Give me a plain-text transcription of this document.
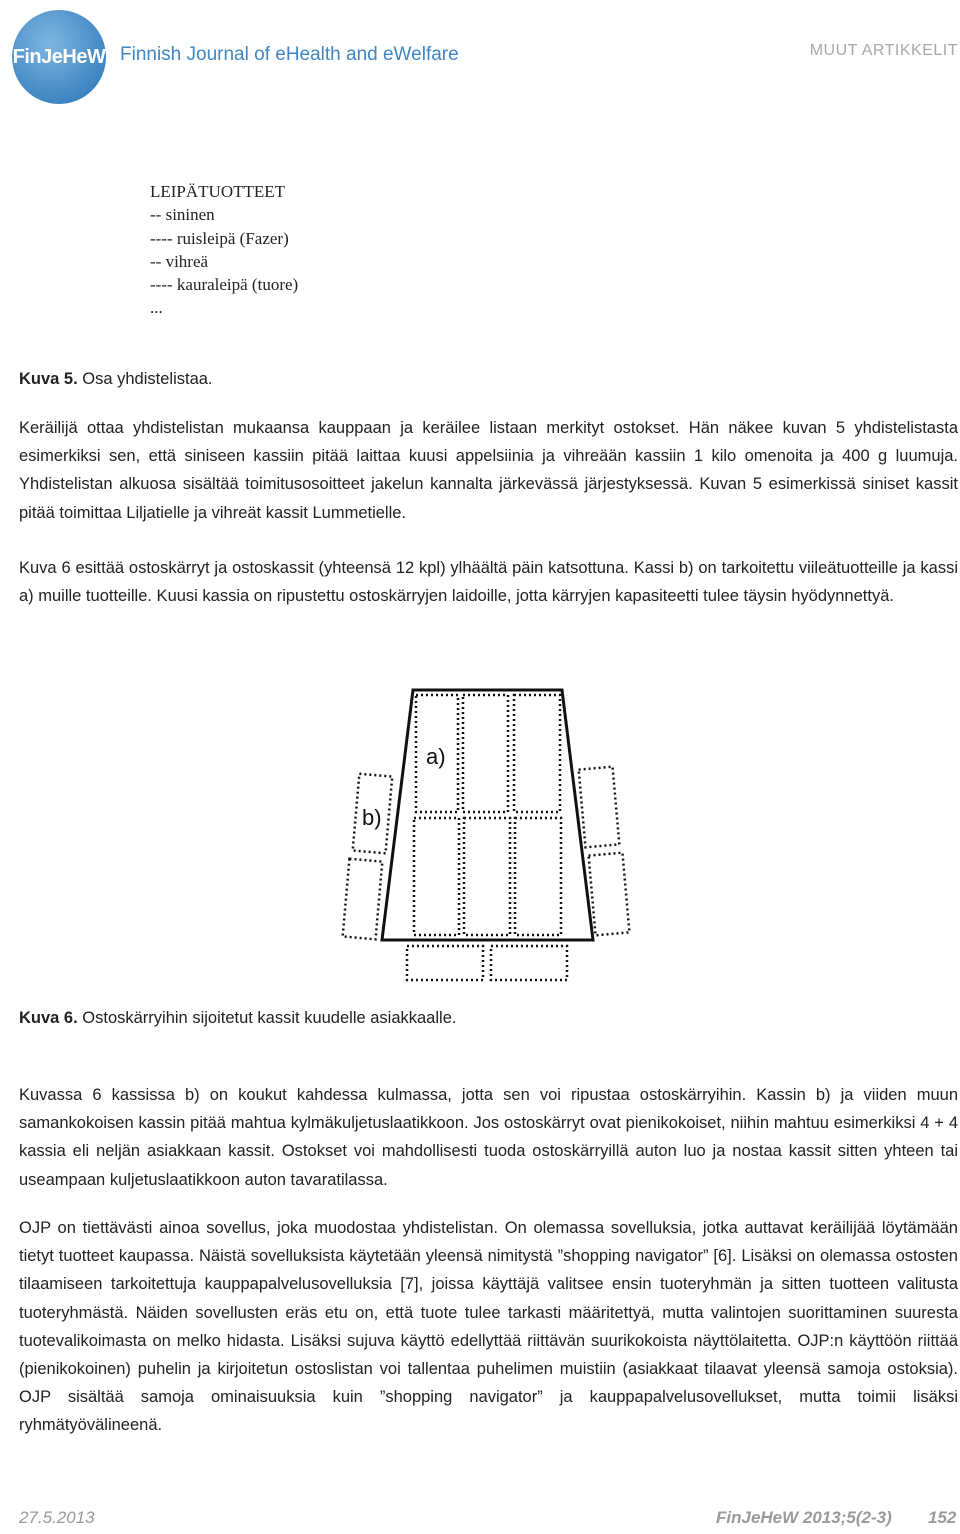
FinJeHeW Finnish Journal of eHealth and eWelfare	MUUT ARTIKKELIT
LEIPÄTUOTTEET
-- sininen
---- ruisleipä (Fazer)
-- vihreä
---- kauraleipä (tuore)
...
Kuva 5. Osa yhdistelistaa.
Keräilijä ottaa yhdistelistan mukaansa kauppaan ja keräilee listaan merkityt ostokset. Hän näkee kuvan 5 yhdistelistasta esimerkiksi sen, että siniseen kassiin pitää laittaa kuusi appelsiinia ja vihreään kassiin 1 kilo omenoita ja 400 g luumuja. Yhdistelistan alkuosa sisältää toimitusosoitteet jakelun kannalta järkevässä järjestyksessä. Kuvan 5 esimerkissä siniset kassit pitää toimittaa Liljatielle ja vihreät kassit Lummetielle.
Kuva 6 esittää ostoskärryt ja ostoskassit (yhteensä 12 kpl) ylhäältä päin katsottuna. Kassi b) on tarkoitettu viileätuotteille ja kassi a) muille tuotteille. Kuusi kassia on ripustettu ostoskärryjen laidoille, jotta kärryjen kapasiteetti tulee täysin hyödynnettyä.
a)
b)
Kuva 6. Ostoskärryihin sijoitetut kassit kuudelle asiakkaalle.
Kuvassa 6 kassissa b) on koukut kahdessa kulmassa, jotta sen voi ripustaa ostoskärryihin. Kassin b) ja viiden muun samankokoisen kassin pitää mahtua kylmäkuljetuslaatikkoon. Jos ostoskärryt ovat pienikokoiset, niihin mahtuu esimerkiksi 4 + 4 kassia eli neljän asiakkaan kassit. Ostokset voi mahdollisesti tuoda ostoskärryillä auton luo ja nostaa kassit sitten yhteen tai useampaan kuljetuslaatikkoon auton tavaratilassa.
OJP on tiettävästi ainoa sovellus, joka muodostaa yhdistelistan. On olemassa sovelluksia, jotka auttavat keräilijää löytämään tietyt tuotteet kaupassa. Näistä sovelluksista käytetään yleensä nimitystä ”shopping navigator” [6]. Lisäksi on olemassa ostosten tilaamiseen tarkoitettuja kauppapalvelusovelluksia [7], joissa käyttäjä valitsee ensin tuoteryhmän ja sitten tuotteen valitusta tuoteryhmästä. Näiden sovellusten eräs etu on, että tuote tulee tarkasti määritettyä, mutta valintojen suorittaminen suuresta tuotevalikoimasta on melko hidasta. Lisäksi sujuva käyttö edellyttää riittävän suurikokoista näyttölaitetta. OJP:n käyttöön riittää (pienikokoinen) puhelin ja kirjoitetun ostoslistan voi tallentaa puhelimen muistiin (asiakkaat tilaavat yleensä samoja ostoksia). OJP sisältää samoja ominaisuuksia kuin ”shopping navigator” ja kauppapalvelusovellukset, mutta toimii lisäksi ryhmätyövälineenä.
27.5.2013	FinJeHeW 2013;5(2-3) 152
